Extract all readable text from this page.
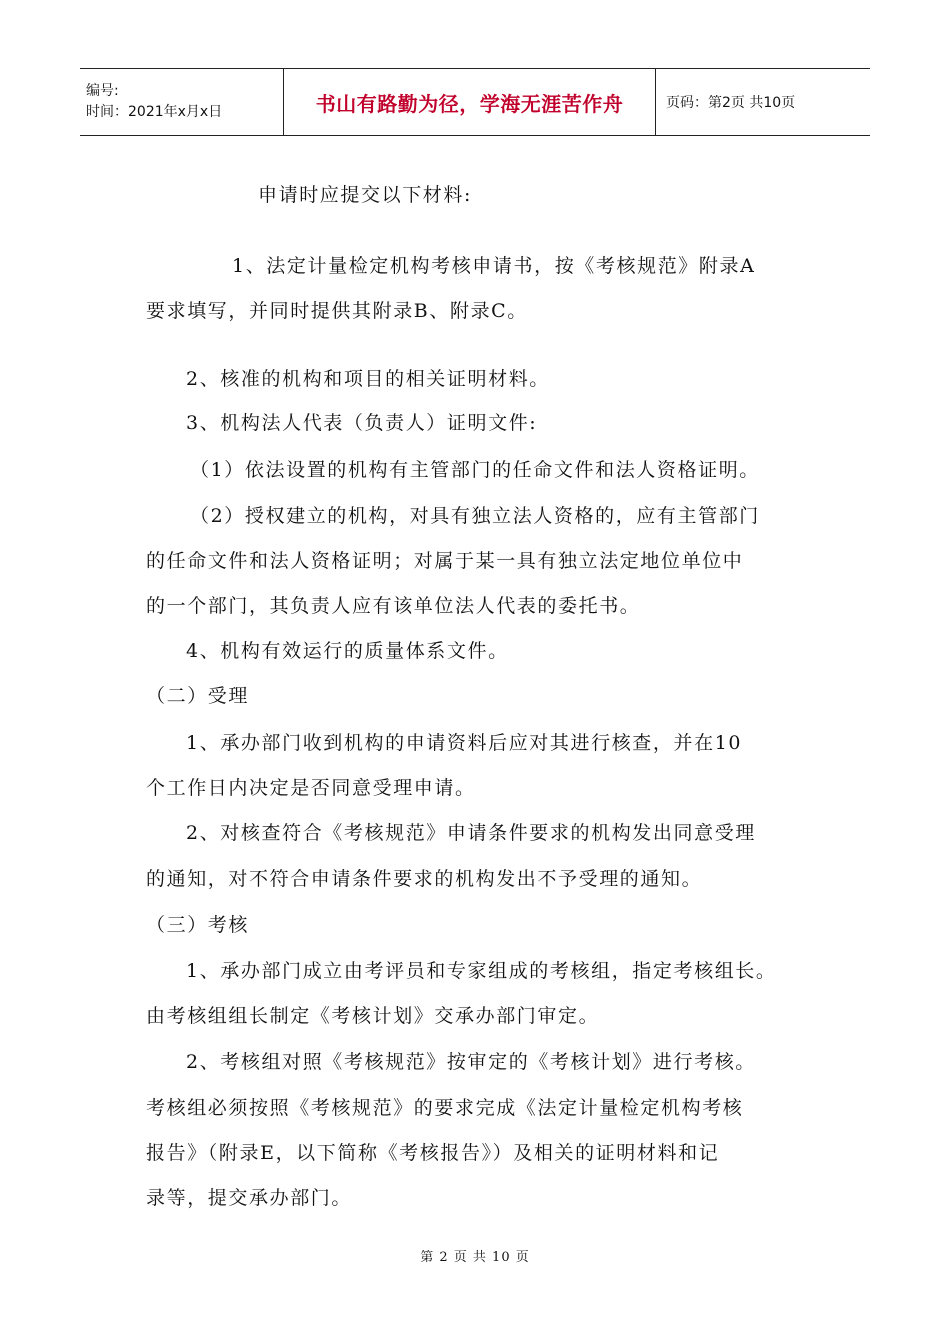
编号:
时间：2021年x月x日	书山有路勤为径，学海无涯苦作舟	页码：第2页 共10页
申请时应提交以下材料:
1、法定计量检定机构考核申请书，按《考核规范》附录A
要求填写，并同时提供其附录B、附录C。
2、核准的机构和项目的相关证明材料。
3、机构法人代表（负责人）证明文件:
（1）依法设置的机构有主管部门的任命文件和法人资格证明。
（2）授权建立的机构，对具有独立法人资格的，应有主管部门
的任命文件和法人资格证明；对属于某一具有独立法定地位单位中
的一个部门，其负责人应有该单位法人代表的委托书。
4、机构有效运行的质量体系文件。
（二）受理
1、承办部门收到机构的申请资料后应对其进行核查，并在10
个工作日内决定是否同意受理申请。
2、对核查符合《考核规范》申请条件要求的机构发出同意受理
的通知，对不符合申请条件要求的机构发出不予受理的通知。
（三）考核
1、承办部门成立由考评员和专家组成的考核组，指定考核组长。
由考核组组长制定《考核计划》交承办部门审定。
2、考核组对照《考核规范》按审定的《考核计划》进行考核。
考核组必须按照《考核规范》的要求完成《法定计量检定机构考核
报告》（附录E，以下简称《考核报告》）及相关的证明材料和记
录等，提交承办部门。
第 2 页 共 10 页
